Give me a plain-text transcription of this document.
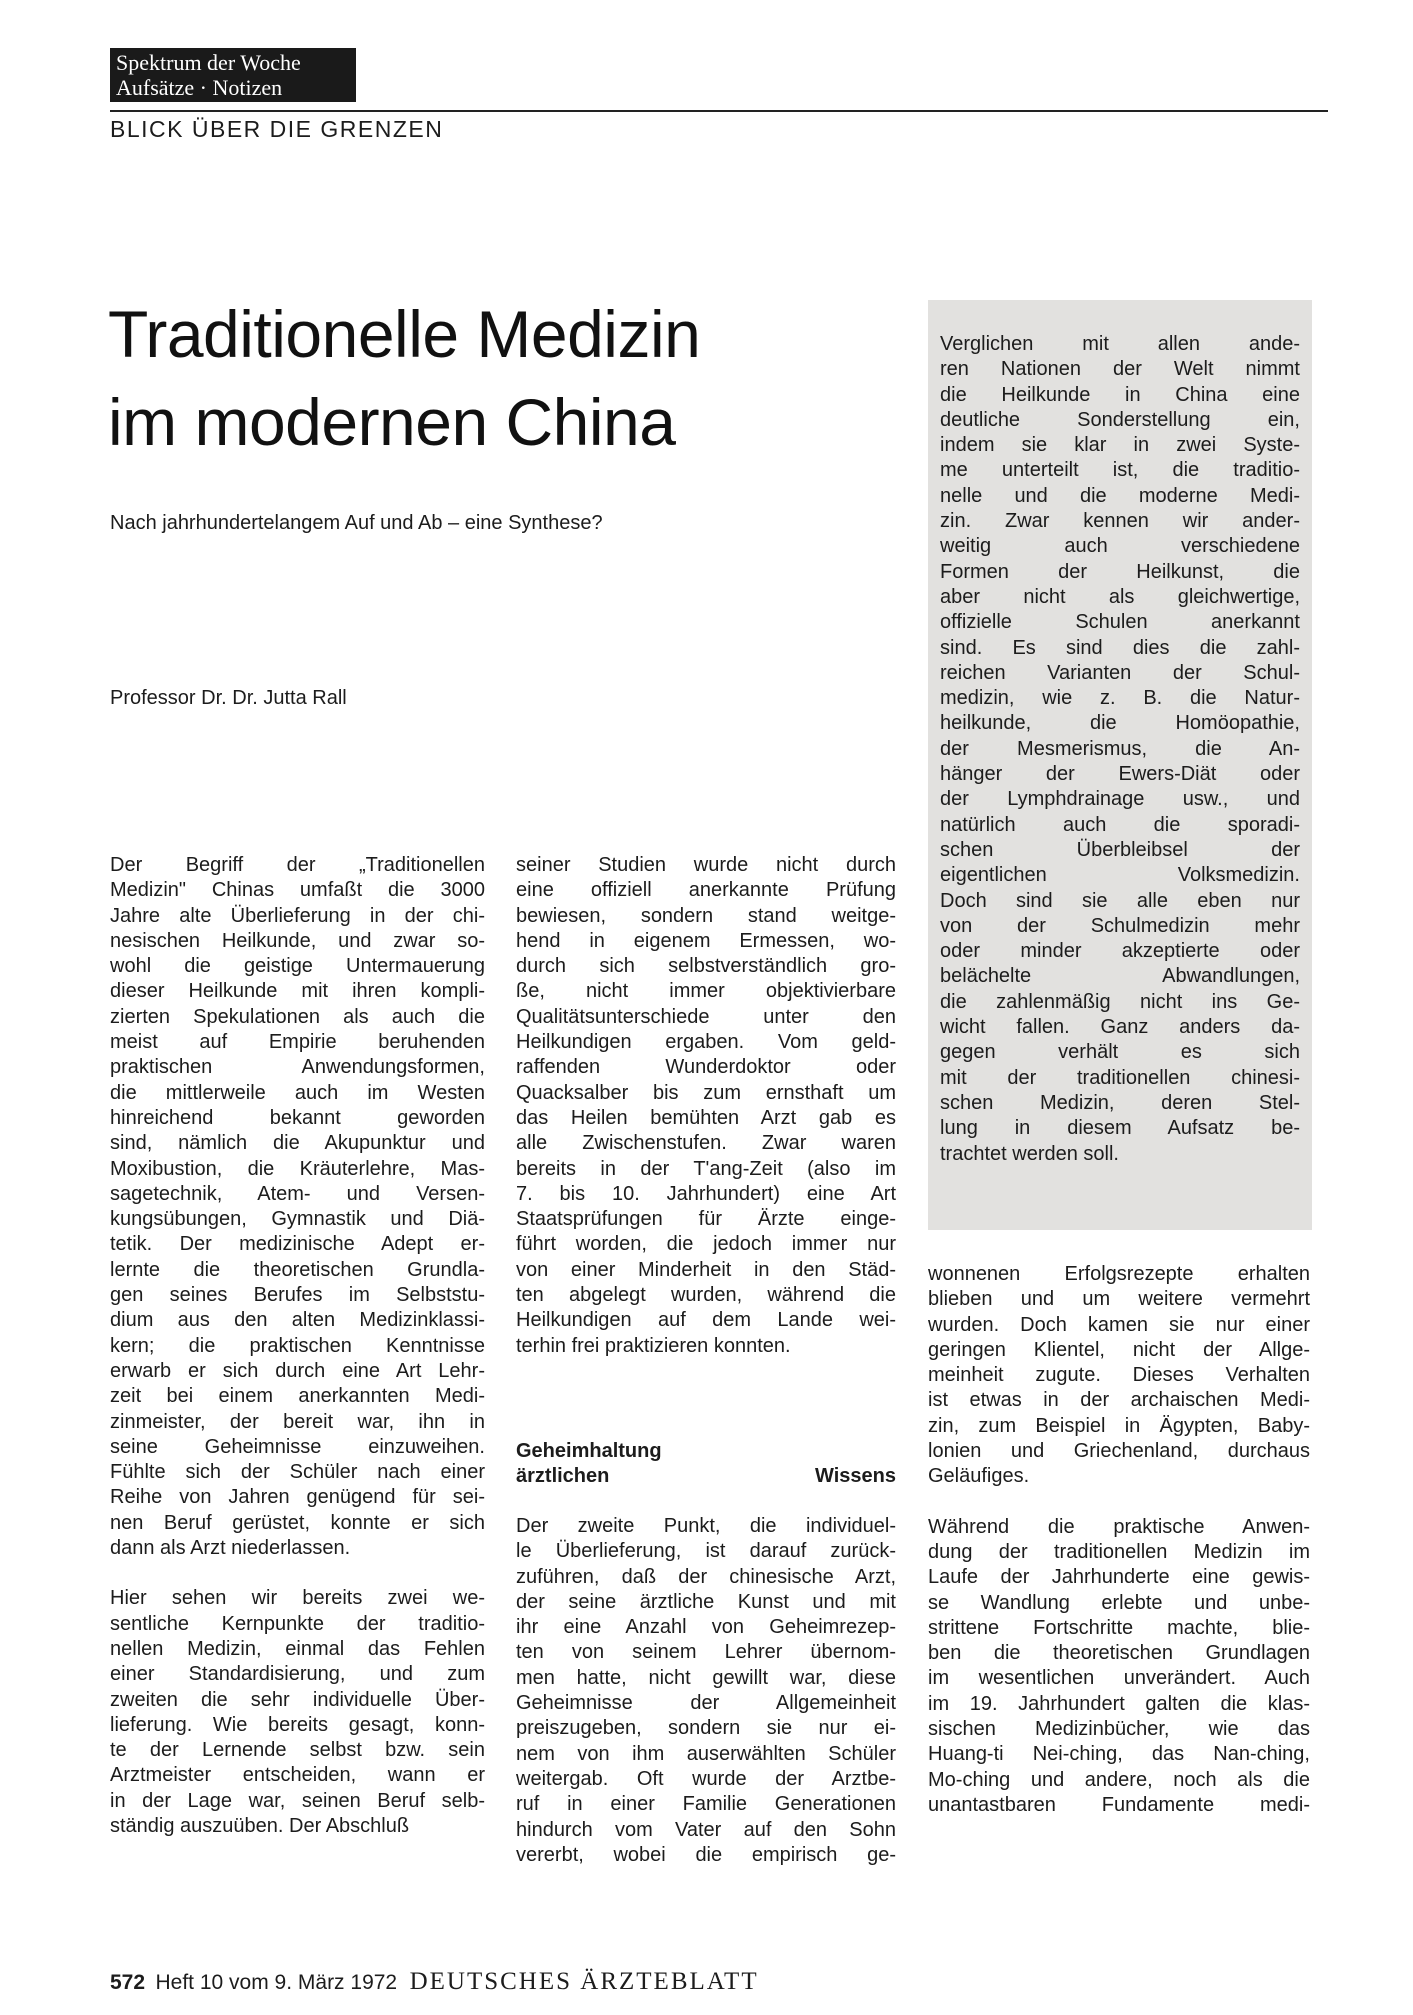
Spektrum der Woche
Aufsätze · Notizen
BLICK ÜBER DIE GRENZEN
Traditionelle Medizin
im modernen China
Nach jahrhundertelangem Auf und Ab – eine Synthese?
Professor Dr. Dr. Jutta Rall
Verglichen mit allen ande-
ren Nationen der Welt nimmt
die Heilkunde in China eine
deutliche Sonderstellung ein,
indem sie klar in zwei Syste-
me unterteilt ist, die traditio-
nelle und die moderne Medi-
zin. Zwar kennen wir ander-
weitig auch verschiedene
Formen der Heilkunst, die
aber nicht als gleichwertige,
offizielle Schulen anerkannt
sind. Es sind dies die zahl-
reichen Varianten der Schul-
medizin, wie z. B. die Natur-
heilkunde, die Homöopathie,
der Mesmerismus, die An-
hänger der Ewers-Diät oder
der Lymphdrainage usw., und
natürlich auch die sporadi-
schen Überbleibsel der
eigentlichen Volksmedizin.
Doch sind sie alle eben nur
von der Schulmedizin mehr
oder minder akzeptierte oder
belächelte Abwandlungen,
die zahlenmäßig nicht ins Ge-
wicht fallen. Ganz anders da-
gegen verhält es sich
mit der traditionellen chinesi-
schen Medizin, deren Stel-
lung in diesem Aufsatz be-
trachtet werden soll.
Der Begriff der „Traditionellen
Medizin" Chinas umfaßt die 3000
Jahre alte Überlieferung in der chi-
nesischen Heilkunde, und zwar so-
wohl die geistige Untermauerung
dieser Heilkunde mit ihren kompli-
zierten Spekulationen als auch die
meist auf Empirie beruhenden
praktischen Anwendungsformen,
die mittlerweile auch im Westen
hinreichend bekannt geworden
sind, nämlich die Akupunktur und
Moxibustion, die Kräuterlehre, Mas-
sagetechnik, Atem- und Versen-
kungsübungen, Gymnastik und Diä-
tetik. Der medizinische Adept er-
lernte die theoretischen Grundla-
gen seines Berufes im Selbststu-
dium aus den alten Medizinklassi-
kern; die praktischen Kenntnisse
erwarb er sich durch eine Art Lehr-
zeit bei einem anerkannten Medi-
zinmeister, der bereit war, ihn in
seine Geheimnisse einzuweihen.
Fühlte sich der Schüler nach einer
Reihe von Jahren genügend für sei-
nen Beruf gerüstet, konnte er sich
dann als Arzt niederlassen.
Hier sehen wir bereits zwei we-
sentliche Kernpunkte der traditio-
nellen Medizin, einmal das Fehlen
einer Standardisierung, und zum
zweiten die sehr individuelle Über-
lieferung. Wie bereits gesagt, konn-
te der Lernende selbst bzw. sein
Arztmeister entscheiden, wann er
in der Lage war, seinen Beruf selb-
ständig auszuüben. Der Abschluß
seiner Studien wurde nicht durch
eine offiziell anerkannte Prüfung
bewiesen, sondern stand weitge-
hend in eigenem Ermessen, wo-
durch sich selbstverständlich gro-
ße, nicht immer objektivierbare
Qualitätsunterschiede unter den
Heilkundigen ergaben. Vom geld-
raffenden Wunderdoktor oder
Quacksalber bis zum ernsthaft um
das Heilen bemühten Arzt gab es
alle Zwischenstufen. Zwar waren
bereits in der T'ang-Zeit (also im
7. bis 10. Jahrhundert) eine Art
Staatsprüfungen für Ärzte einge-
führt worden, die jedoch immer nur
von einer Minderheit in den Städ-
ten abgelegt wurden, während die
Heilkundigen auf dem Lande wei-
terhin frei praktizieren konnten.
Geheimhaltung
ärztlichen Wissens
Der zweite Punkt, die individuel-
le Überlieferung, ist darauf zurück-
zuführen, daß der chinesische Arzt,
der seine ärztliche Kunst und mit
ihr eine Anzahl von Geheimrezep-
ten von seinem Lehrer übernom-
men hatte, nicht gewillt war, diese
Geheimnisse der Allgemeinheit
preiszugeben, sondern sie nur ei-
nem von ihm auserwählten Schüler
weitergab. Oft wurde der Arztbe-
ruf in einer Familie Generationen
hindurch vom Vater auf den Sohn
vererbt, wobei die empirisch ge-
wonnenen Erfolgsrezepte erhalten
blieben und um weitere vermehrt
wurden. Doch kamen sie nur einer
geringen Klientel, nicht der Allge-
meinheit zugute. Dieses Verhalten
ist etwas in der archaischen Medi-
zin, zum Beispiel in Ägypten, Baby-
lonien und Griechenland, durchaus
Geläufiges.
Während die praktische Anwen-
dung der traditionellen Medizin im
Laufe der Jahrhunderte eine gewis-
se Wandlung erlebte und unbe-
strittene Fortschritte machte, blie-
ben die theoretischen Grundlagen
im wesentlichen unverändert. Auch
im 19. Jahrhundert galten die klas-
sischen Medizinbücher, wie das
Huang-ti Nei-ching, das Nan-ching,
Mo-ching und andere, noch als die
unantastbaren Fundamente medi-
572 Heft 10 vom 9. März 1972 DEUTSCHES ÄRZTEBLATT
